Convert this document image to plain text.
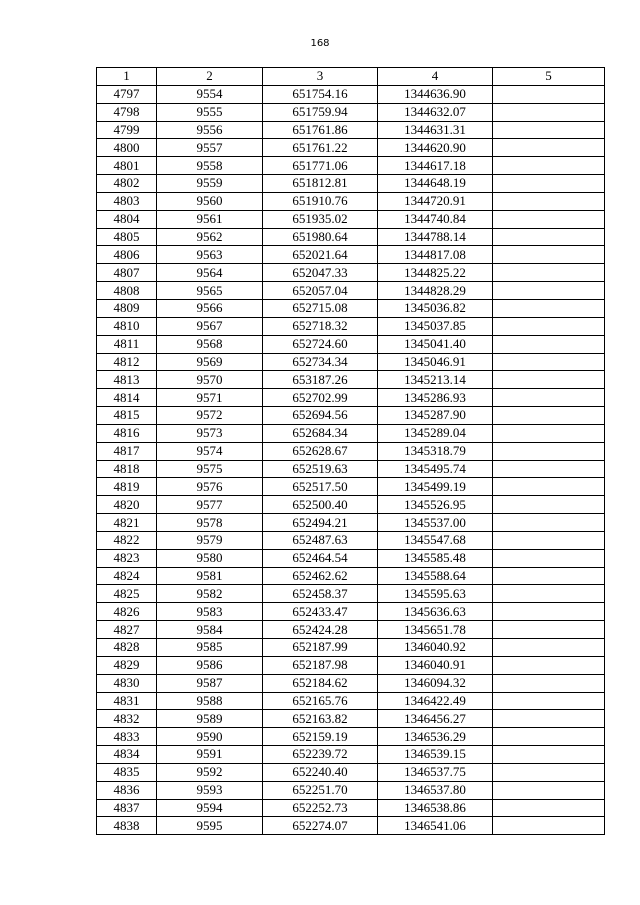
168
1	2	3	4	5
4797	9554	651754.16	1344636.90	
4798	9555	651759.94	1344632.07	
4799	9556	651761.86	1344631.31	
4800	9557	651761.22	1344620.90	
4801	9558	651771.06	1344617.18	
4802	9559	651812.81	1344648.19	
4803	9560	651910.76	1344720.91	
4804	9561	651935.02	1344740.84	
4805	9562	651980.64	1344788.14	
4806	9563	652021.64	1344817.08	
4807	9564	652047.33	1344825.22	
4808	9565	652057.04	1344828.29	
4809	9566	652715.08	1345036.82	
4810	9567	652718.32	1345037.85	
4811	9568	652724.60	1345041.40	
4812	9569	652734.34	1345046.91	
4813	9570	653187.26	1345213.14	
4814	9571	652702.99	1345286.93	
4815	9572	652694.56	1345287.90	
4816	9573	652684.34	1345289.04	
4817	9574	652628.67	1345318.79	
4818	9575	652519.63	1345495.74	
4819	9576	652517.50	1345499.19	
4820	9577	652500.40	1345526.95	
4821	9578	652494.21	1345537.00	
4822	9579	652487.63	1345547.68	
4823	9580	652464.54	1345585.48	
4824	9581	652462.62	1345588.64	
4825	9582	652458.37	1345595.63	
4826	9583	652433.47	1345636.63	
4827	9584	652424.28	1345651.78	
4828	9585	652187.99	1346040.92	
4829	9586	652187.98	1346040.91	
4830	9587	652184.62	1346094.32	
4831	9588	652165.76	1346422.49	
4832	9589	652163.82	1346456.27	
4833	9590	652159.19	1346536.29	
4834	9591	652239.72	1346539.15	
4835	9592	652240.40	1346537.75	
4836	9593	652251.70	1346537.80	
4837	9594	652252.73	1346538.86	
4838	9595	652274.07	1346541.06	
